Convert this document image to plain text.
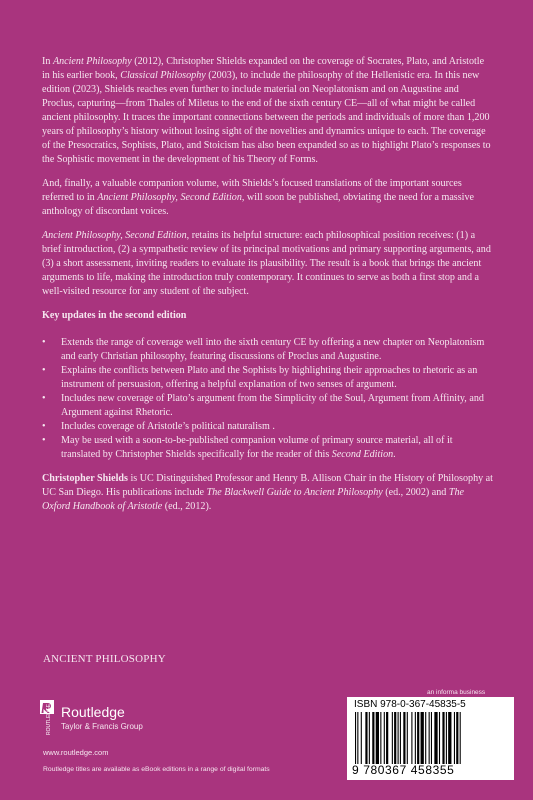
In Ancient Philosophy (2012), Christopher Shields expanded on the coverage of Socrates, Plato, and Aristotle in his earlier book, Classical Philosophy (2003), to include the philosophy of the Hellenistic era. In this new edition (2023), Shields reaches even further to include material on Neoplatonism and on Augustine and Proclus, capturing—from Thales of Miletus to the end of the sixth century CE—all of what might be called ancient philosophy. It traces the important connections between the periods and individuals of more than 1,200 years of philosophy’s history without losing sight of the novelties and dynamics unique to each. The coverage of the Presocratics, Sophists, Plato, and Stoicism has also been expanded so as to highlight Plato’s responses to the Sophistic movement in the development of his Theory of Forms.

And, finally, a valuable companion volume, with Shields’s focused translations of the important sources referred to in Ancient Philosophy, Second Edition, will soon be published, obviating the need for a massive anthology of discordant voices.

Ancient Philosophy, Second Edition, retains its helpful structure: each philosophical position receives: (1) a brief introduction, (2) a sympathetic review of its principal motivations and primary supporting arguments, and (3) a short assessment, inviting readers to evaluate its plausibility. The result is a book that brings the ancient arguments to life, making the introduction truly contemporary. It continues to serve as both a first stop and a well-visited resource for any student of the subject.

Key updates in the second edition
• Extends the range of coverage well into the sixth century CE by offering a new chapter on Neoplatonism and early Christian philosophy, featuring discussions of Proclus and Augustine.
• Explains the conflicts between Plato and the Sophists by highlighting their approaches to rhetoric as an instrument of persuasion, offering a helpful explanation of two senses of argument.
• Includes new coverage of Plato’s argument from the Simplicity of the Soul, Argument from Affinity, and Argument against Rhetoric.
• Includes coverage of Aristotle’s political naturalism .
• May be used with a soon-to-be-published companion volume of primary source material, all of it translated by Christopher Shields specifically for the reader of this Second Edition.

Christopher Shields is UC Distinguished Professor and Henry B. Allison Chair in the History of Philosophy at UC San Diego. His publications include The Blackwell Guide to Ancient Philosophy (ed., 2002) and The Oxford Handbook of Aristotle (ed., 2012).

ANCIENT PHILOSOPHY
ROUTLEDGE Routledge
Taylor & Francis Group
www.routledge.com
Routledge titles are available as eBook editions in a range of digital formats
an informa business
ISBN 978-0-367-45835-5
9 780367 458355
